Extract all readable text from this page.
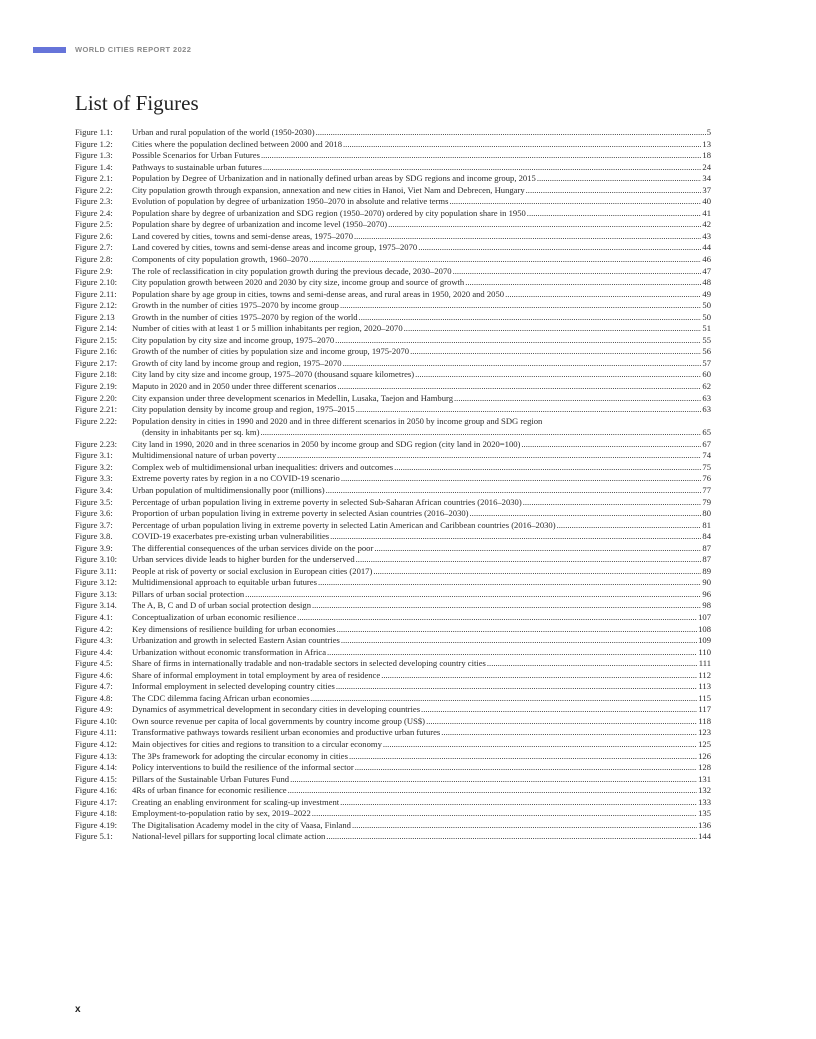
WORLD CITIES REPORT 2022
List of Figures
Figure 1.1:	Urban and rural population of the world (1950-2030) .....	5
Figure 1.2:	Cities where the population declined between 2000 and 2018 .....	13
Figure 1.3:	Possible Scenarios for Urban Futures .....	18
Figure 1.4:	Pathways to sustainable urban futures .....	24
Figure 2.1:	Population by Degree of Urbanization and in nationally defined urban areas by SDG regions and income group, 2015 .....	34
Figure 2.2:	City population growth through expansion, annexation and new cities in Hanoi, Viet Nam and Debrecen, Hungary .....	37
Figure 2.3:	Evolution of population by degree of urbanization 1950–2070 in absolute and relative terms .....	40
Figure 2.4:	Population share by degree of urbanization and SDG region (1950–2070) ordered by city population share in 1950 .....	41
Figure 2.5:	Population share by degree of urbanization and income level (1950–2070) .....	42
Figure 2.6:	Land covered by cities, towns and semi-dense areas, 1975–2070 .....	43
Figure 2.7:	Land covered by cities, towns and semi-dense areas and income group, 1975–2070 .....	44
Figure 2.8:	Components of city population growth, 1960–2070 .....	46
Figure 2.9:	The role of reclassification in city population growth during the previous decade, 2030–2070 .....	47
Figure 2.10:	City population growth between 2020 and 2030 by city size, income group and source of growth .....	48
Figure 2.11:	Population share by age group in cities, towns and semi-dense areas, and rural areas in 1950, 2020 and 2050 .....	49
Figure 2.12:	Growth in the number of cities 1975–2070 by income group .....	50
Figure 2.13	Growth in the number of cities 1975–2070 by region of the world .....	50
Figure 2.14:	Number of cities with at least 1 or 5 million inhabitants per region, 2020–2070 .....	51
Figure 2.15:	City population by city size and income group, 1975–2070 .....	55
Figure 2.16:	Growth of the number of cities by population size and income group, 1975-2070 .....	56
Figure 2.17:	Growth of city land by income group and region, 1975–2070 .....	57
Figure 2.18:	City land by city size and income group, 1975–2070 (thousand square kilometres) .....	60
Figure 2.19:	Maputo in 2020 and in 2050 under three different scenarios .....	62
Figure 2.20:	City expansion under three development scenarios in Medellin, Lusaka, Taejon and Hamburg .....	63
Figure 2.21:	City population density by income group and region, 1975–2015 .....	63
Figure 2.22:	Population density in cities in 1990 and 2020 and in three different scenarios in 2050 by income group and SDG region
(density in inhabitants per sq. km) .....	65
Figure 2.23:	City land in 1990, 2020 and in three scenarios in 2050 by income group and SDG region (city land in 2020=100) .....	67
Figure 3.1:	Multidimensional nature of urban poverty .....	74
Figure 3.2:	Complex web of multidimensional urban inequalities: drivers and outcomes .....	75
Figure 3.3:	Extreme poverty rates by region in a no COVID-19 scenario .....	76
Figure 3.4:	Urban population of multidimensionally poor (millions) .....	77
Figure 3.5:	Percentage of urban population living in extreme poverty in selected Sub-Saharan African countries (2016–2030) .....	79
Figure 3.6:	Proportion of urban population living in extreme poverty in selected Asian countries (2016–2030) .....	80
Figure 3.7:	Percentage of urban population living in extreme poverty in selected Latin American and Caribbean countries (2016–2030) .....	81
Figure 3.8.	COVID-19 exacerbates pre-existing urban vulnerabilities .....	84
Figure 3.9:	The differential consequences of the urban services divide on the poor .....	87
Figure 3.10:	Urban services divide leads to higher burden for the underserved .....	87
Figure 3.11:	People at risk of poverty or social exclusion in European cities (2017) .....	89
Figure 3.12:	Multidimensional approach to equitable urban futures .....	90
Figure 3.13:	Pillars of urban social protection .....	96
Figure 3.14.	The A, B, C and D of urban social protection design .....	98
Figure 4.1:	Conceptualization of urban economic resilience .....	107
Figure 4.2:	Key dimensions of resilience building for urban economies .....	108
Figure 4.3:	Urbanization and growth in selected Eastern Asian countries .....	109
Figure 4.4:	Urbanization without economic transformation in Africa .....	110
Figure 4.5:	Share of firms in internationally tradable and non-tradable sectors in selected developing country cities .....	111
Figure 4.6:	Share of informal employment in total employment by area of residence .....	112
Figure 4.7:	Informal employment in selected developing country cities .....	113
Figure 4.8:	The CDC dilemma facing African urban economies .....	115
Figure 4.9:	Dynamics of asymmetrical development in secondary cities in developing countries .....	117
Figure 4.10:	Own source revenue per capita of local governments by country income group (US$) .....	118
Figure 4.11:	Transformative pathways towards resilient urban economies and productive urban futures .....	123
Figure 4.12:	Main objectives for cities and regions to transition to a circular economy .....	125
Figure 4.13:	The 3Ps framework for adopting the circular economy in cities .....	126
Figure 4.14:	Policy interventions to build the resilience of the informal sector .....	128
Figure 4.15:	Pillars of the Sustainable Urban Futures Fund .....	131
Figure 4.16:	4Rs of urban finance for economic resilience .....	132
Figure 4.17:	Creating an enabling environment for scaling-up investment .....	133
Figure 4.18:	Employment-to-population ratio by sex, 2019–2022 .....	135
Figure 4.19:	The Digitalisation Academy model in the city of Vaasa, Finland .....	136
Figure 5.1:	National-level pillars for supporting local climate action .....	144
x
